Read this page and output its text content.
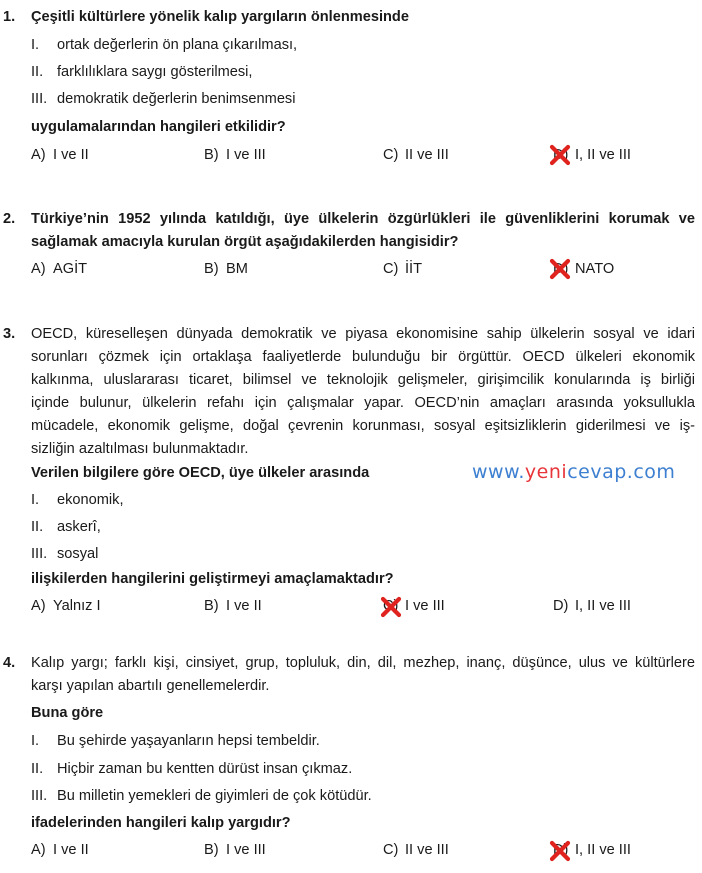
1. Çeşitli kültürlere yönelik kalıp yargıların önlenmesinde
I. ortak değerlerin ön plana çıkarılması,
II. farklılıklara saygı gösterilmesi,
III. demokratik değerlerin benimsenmesi
uygulamalarından hangileri etkilidir?
A) I ve II	B) I ve III	C) II ve III	D) I, II ve III
2. Türkiye’nin 1952 yılında katıldığı, üye ülkelerin özgürlükleri ile güvenliklerini korumak ve
sağlamak amacıyla kurulan örgüt aşağıdakilerden hangisidir?
A) AGİT	B) BM	C) İİT	D) NATO
3. OECD, küreselleşen dünyada demokratik ve piyasa ekonomisine sahip ülkelerin sosyal ve idari
sorunları çözmek için ortaklaşa faaliyetlerde bulunduğu bir örgüttür. OECD ülkeleri ekonomik
kalkınma, uluslararası ticaret, bilimsel ve teknolojik gelişmeler, girişimcilik konularında iş birliği
içinde bulunur, ülkelerin refahı için çalışmalar yapar. OECD’nin amaçları arasında yoksullukla
mücadele, ekonomik gelişme, doğal çevrenin korunması, sosyal eşitsizliklerin giderilmesi ve iş-
sizliğin azaltılması bulunmaktadır.
Verilen bilgilere göre OECD, üye ülkeler arasında
I. ekonomik,
II. askerî,
III. sosyal
ilişkilerden hangilerini geliştirmeyi amaçlamaktadır?
A) Yalnız I	B) I ve II	C) I ve III	D) I, II ve III
www.yenicevap.com
4. Kalıp yargı; farklı kişi, cinsiyet, grup, topluluk, din, dil, mezhep, inanç, düşünce, ulus ve kültürlere
karşı yapılan abartılı genellemelerdir.
Buna göre
I. Bu şehirde yaşayanların hepsi tembeldir.
II. Hiçbir zaman bu kentten dürüst insan çıkmaz.
III. Bu milletin yemekleri de giyimleri de çok kötüdür.
ifadelerinden hangileri kalıp yargıdır?
A) I ve II	B) I ve III	C) II ve III	D) I, II ve III
